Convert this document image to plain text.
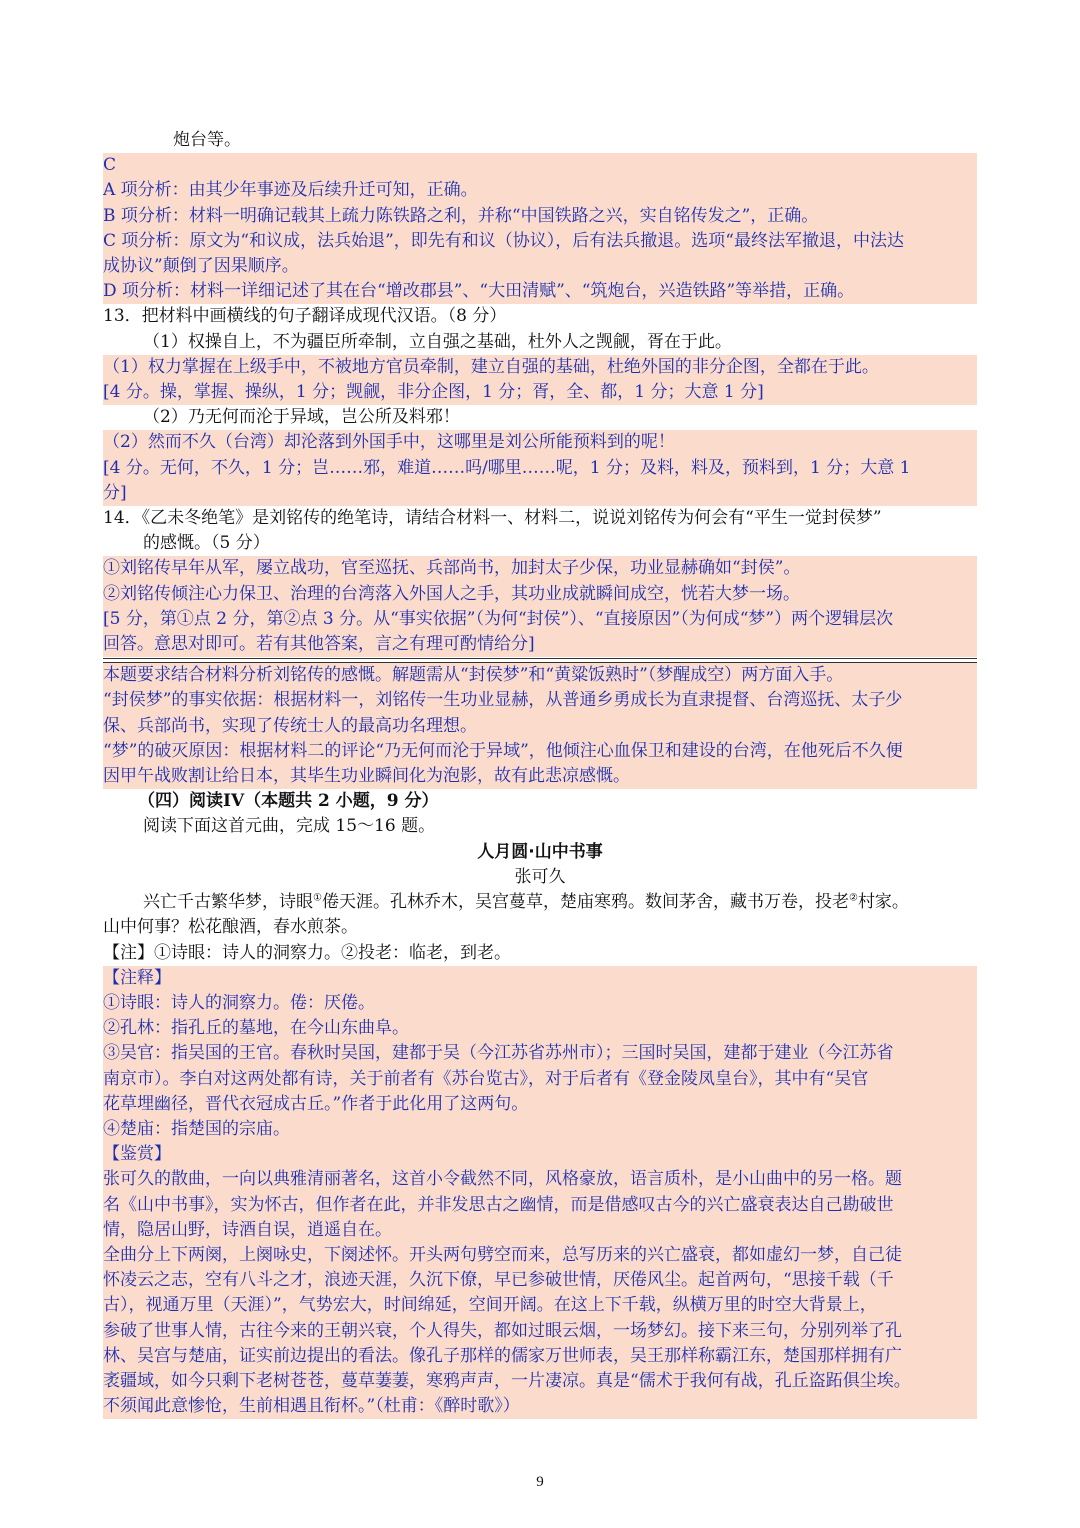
炮台等。
C
A 项分析：由其少年事迹及后续升迁可知，正确。
B 项分析：材料一明确记载其上疏力陈铁路之利，并称“中国铁路之兴，实自铭传发之”，正确。
C 项分析：原文为“和议成，法兵始退”，即先有和议（协议），后有法兵撤退。选项“最终法军撤退，中法达
成协议”颠倒了因果顺序。
D 项分析：材料一详细记述了其在台“增改郡县”、“大田清赋”、“筑炮台，兴造铁路”等举措，正确。
13．把材料中画横线的句子翻译成现代汉语。（8 分）
（1）权操自上，不为疆臣所牵制，立自强之基础，杜外人之觊觎，胥在于此。
（1）权力掌握在上级手中，不被地方官员牵制，建立自强的基础，杜绝外国的非分企图，全都在于此。
[4 分。操，掌握、操纵，1 分；觊觎，非分企图，1 分；胥，全、都，1 分；大意 1 分]
（2）乃无何而沦于异域，岂公所及料邪！
（2）然而不久（台湾）却沦落到外国手中，这哪里是刘公所能预料到的呢！
[4 分。无何，不久，1 分；岂……邪，难道……吗/哪里……呢，1 分；及料，料及，预料到，1 分；大意 1
分]
14．《乙未冬绝笔》是刘铭传的绝笔诗，请结合材料一、材料二，说说刘铭传为何会有“平生一觉封侯梦”
的感慨。（5 分）
①刘铭传早年从军，屡立战功，官至巡抚、兵部尚书，加封太子少保，功业显赫确如“封侯”。
②刘铭传倾注心力保卫、治理的台湾落入外国人之手，其功业成就瞬间成空，恍若大梦一场。
[5 分，第①点 2 分，第②点 3 分。从“事实依据”（为何“封侯”）、“直接原因”（为何成“梦”）两个逻辑层次
回答。意思对即可。若有其他答案，言之有理可酌情给分]
本题要求结合材料分析刘铭传的感慨。解题需从“封侯梦”和“黄粱饭熟时”（梦醒成空）两方面入手。
“封侯梦”的事实依据：根据材料一，刘铭传一生功业显赫，从普通乡勇成长为直隶提督、台湾巡抚、太子少
保、兵部尚书，实现了传统士人的最高功名理想。
“梦”的破灭原因：根据材料二的评论“乃无何而沦于异域”，他倾注心血保卫和建设的台湾，在他死后不久便
因甲午战败割让给日本，其毕生功业瞬间化为泡影，故有此悲凉感慨。
（四）阅读IV（本题共 2 小题，9 分）
阅读下面这首元曲，完成 15～16 题。
人月圆·山中书事
张可久
兴亡千古繁华梦，诗眼①倦天涯。孔林乔木，吴宫蔓草，楚庙寒鸦。数间茅舍，藏书万卷，投老②村家。
山中何事？松花酿酒，春水煎茶。
【注】①诗眼：诗人的洞察力。②投老：临老，到老。
【注释】
①诗眼：诗人的洞察力。倦：厌倦。
②孔林：指孔丘的墓地，在今山东曲阜。
③吴官：指吴国的王官。春秋时吴国，建都于吴（今江苏省苏州市）；三国时吴国，建都于建业（今江苏省
南京市）。李白对这两处都有诗，关于前者有《苏台览古》，对于后者有《登金陵凤皇台》，其中有“吴官
花草埋幽径，晋代衣冠成古丘。”作者于此化用了这两句。
④楚庙：指楚国的宗庙。
【鉴赏】
张可久的散曲，一向以典雅清丽著名，这首小令截然不同，风格豪放，语言质朴，是小山曲中的另一格。题
名《山中书事》，实为怀古，但作者在此，并非发思古之幽情，而是借感叹古今的兴亡盛衰表达自己勘破世
情，隐居山野，诗酒自误，逍遥自在。
全曲分上下两阕，上阕咏史，下阕述怀。开头两句劈空而来，总写历来的兴亡盛衰，都如虚幻一梦，自己徒
怀凌云之志，空有八斗之才，浪迹天涯，久沉下僚，早已参破世情，厌倦风尘。起首两句，“思接千载（千
古），视通万里（天涯）”，气势宏大，时间绵延，空间开阔。在这上下千载，纵横万里的时空大背景上，
参破了世事人情，古往今来的王朝兴衰，个人得失，都如过眼云烟，一场梦幻。接下来三句，分别列举了孔
林、吴宫与楚庙，证实前边提出的看法。像孔子那样的儒家万世师表，吴王那样称霸江东，楚国那样拥有广
袤疆域，如今只剩下老树苍苍，蔓草萋萋，寒鸦声声，一片凄凉。真是“儒术于我何有战，孔丘盗跖俱尘埃。
不须闻此意惨怆，生前相遇且衔杯。”（杜甫：《醉时歌》）
9
